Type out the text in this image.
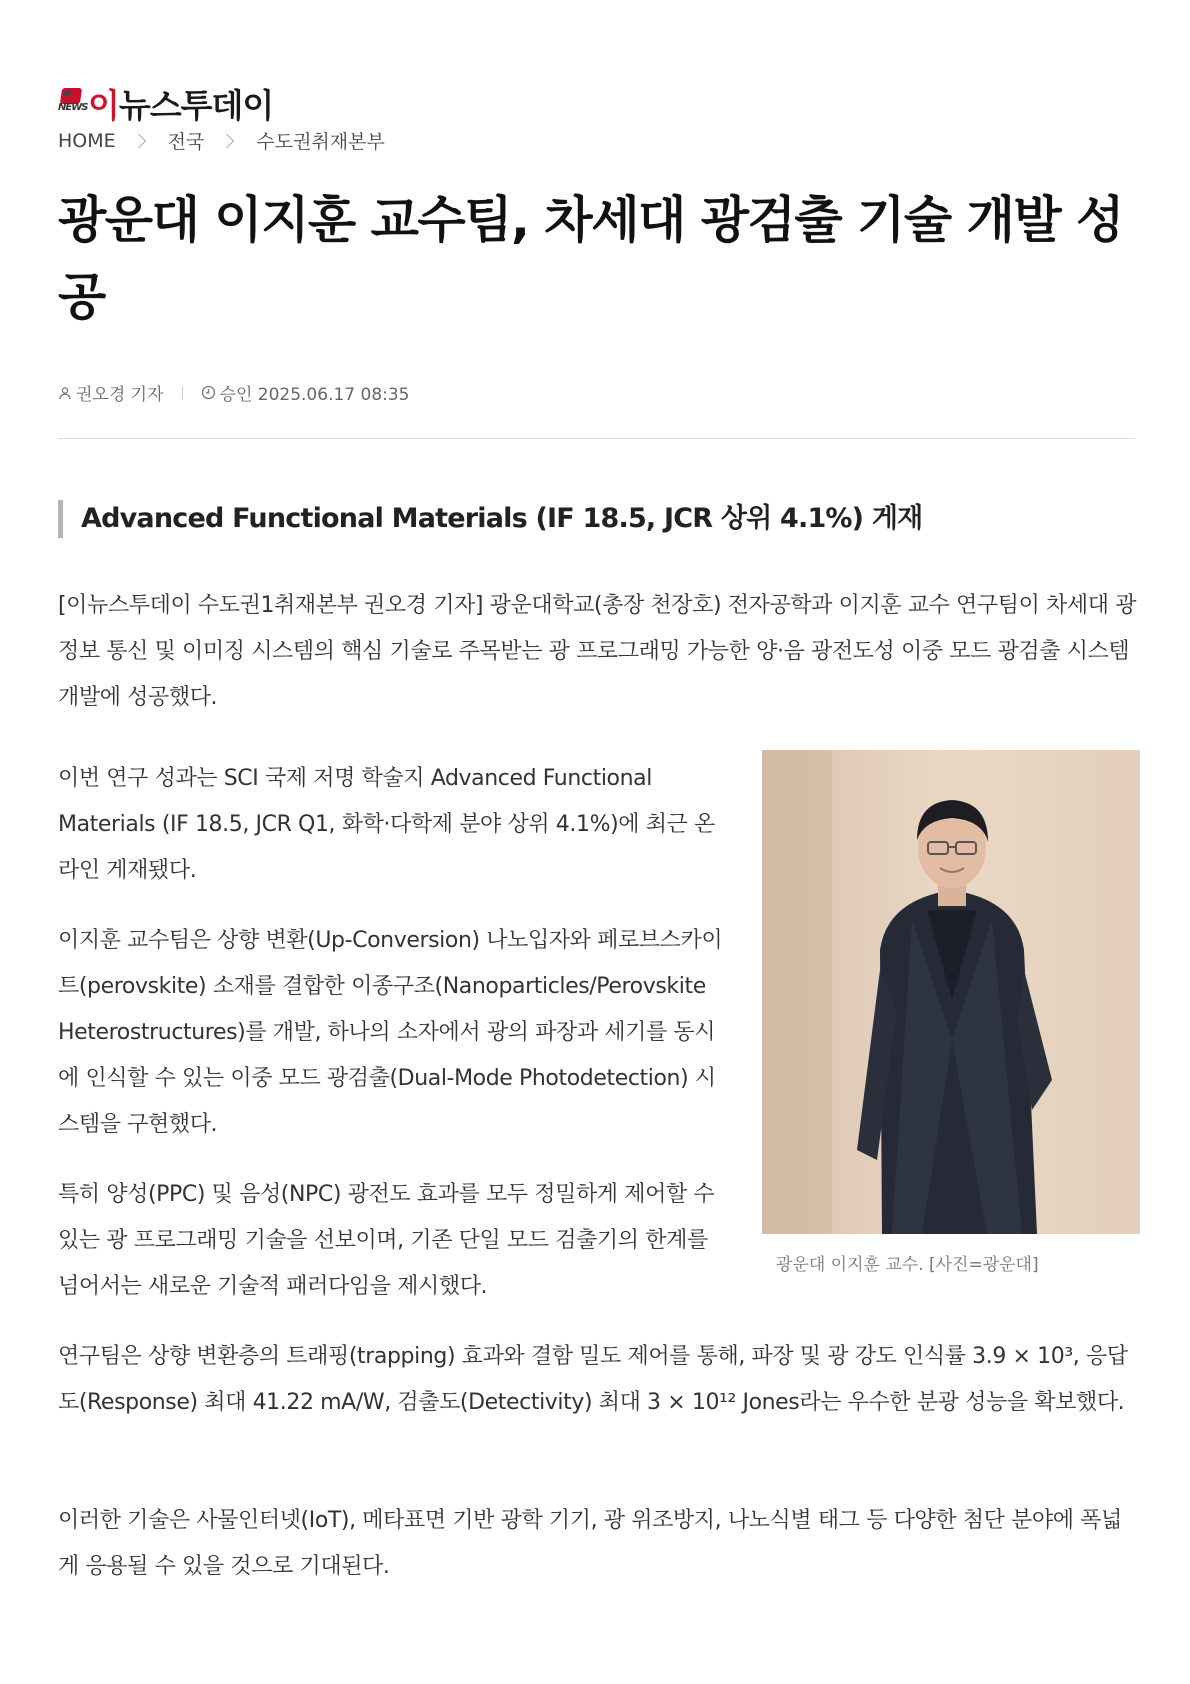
NEWS 이뉴스투데이
HOME	전국	수도권취재본부
광운대 이지훈 교수팀, 차세대 광검출 기술 개발 성공
권오경 기자	승인 2025.06.17 08:35
Advanced Functional Materials (IF 18.5, JCR 상위 4.1%) 게재

[이뉴스투데이 수도권1취재본부 권오경 기자] 광운대학교(총장 천장호) 전자공학과 이지훈 교수 연구팀이 차세대 광 정보 통신 및 이미징 시스템의 핵심 기술로 주목받는 광 프로그래밍 가능한 양·음 광전도성 이중 모드 광검출 시스템 개발에 성공했다.

이번 연구 성과는 SCI 국제 저명 학술지 Advanced Functional Materials (IF 18.5, JCR Q1, 화학·다학제 분야 상위 4.1%)에 최근 온라인 게재됐다.

이지훈 교수팀은 상향 변환(Up-Conversion) 나노입자와 페로브스카이트(perovskite) 소재를 결합한 이종구조(Nanoparticles/Perovskite Heterostructures)를 개발, 하나의 소자에서 광의 파장과 세기를 동시에 인식할 수 있는 이중 모드 광검출(Dual-Mode Photodetection) 시스템을 구현했다.

특히 양성(PPC) 및 음성(NPC) 광전도 효과를 모두 정밀하게 제어할 수 있는 광 프로그래밍 기술을 선보이며, 기존 단일 모드 검출기의 한계를 넘어서는 새로운 기술적 패러다임을 제시했다.

광운대 이지훈 교수. [사진=광운대]

연구팀은 상향 변환층의 트래핑(trapping) 효과와 결함 밀도 제어를 통해, 파장 및 광 강도 인식률 3.9 × 10³, 응답도(Response) 최대 41.22 mA/W, 검출도(Detectivity) 최대 3 × 10¹² Jones라는 우수한 분광 성능을 확보했다.

이러한 기술은 사물인터넷(IoT), 메타표면 기반 광학 기기, 광 위조방지, 나노식별 태그 등 다양한 첨단 분야에 폭넓게 응용될 수 있을 것으로 기대된다.
